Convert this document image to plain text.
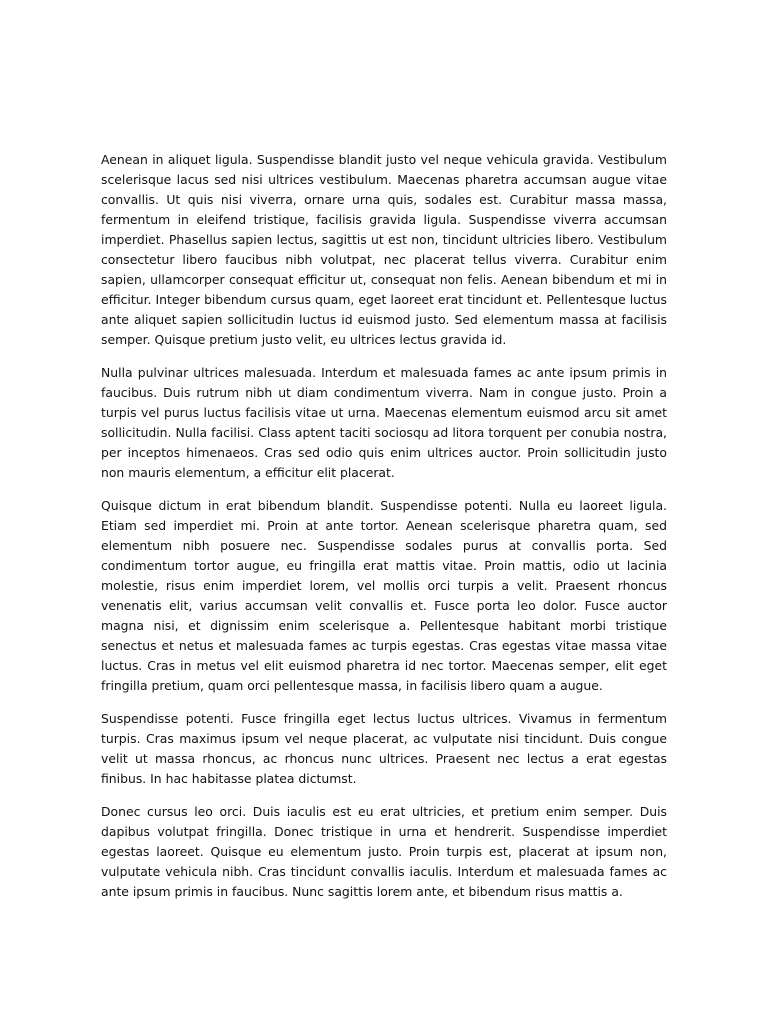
Aenean in aliquet ligula. Suspendisse blandit justo vel neque vehicula gravida. Vestibulum scelerisque lacus sed nisi ultrices vestibulum. Maecenas pharetra accumsan augue vitae convallis. Ut quis nisi viverra, ornare urna quis, sodales est. Curabitur massa massa, fermentum in eleifend tristique, facilisis gravida ligula. Suspendisse viverra accumsan imperdiet. Phasellus sapien lectus, sagittis ut est non, tincidunt ultricies libero. Vestibulum consectetur libero faucibus nibh volutpat, nec placerat tellus viverra. Curabitur enim sapien, ullamcorper consequat efficitur ut, consequat non felis. Aenean bibendum et mi in efficitur. Integer bibendum cursus quam, eget laoreet erat tincidunt et. Pellentesque luctus ante aliquet sapien sollicitudin luctus id euismod justo. Sed elementum massa at facilisis semper. Quisque pretium justo velit, eu ultrices lectus gravida id.

Nulla pulvinar ultrices malesuada. Interdum et malesuada fames ac ante ipsum primis in faucibus. Duis rutrum nibh ut diam condimentum viverra. Nam in congue justo. Proin a turpis vel purus luctus facilisis vitae ut urna. Maecenas elementum euismod arcu sit amet sollicitudin. Nulla facilisi. Class aptent taciti sociosqu ad litora torquent per conubia nostra, per inceptos himenaeos. Cras sed odio quis enim ultrices auctor. Proin sollicitudin justo non mauris elementum, a efficitur elit placerat.

Quisque dictum in erat bibendum blandit. Suspendisse potenti. Nulla eu laoreet ligula. Etiam sed imperdiet mi. Proin at ante tortor. Aenean scelerisque pharetra quam, sed elementum nibh posuere nec. Suspendisse sodales purus at convallis porta. Sed condimentum tortor augue, eu fringilla erat mattis vitae. Proin mattis, odio ut lacinia molestie, risus enim imperdiet lorem, vel mollis orci turpis a velit. Praesent rhoncus venenatis elit, varius accumsan velit convallis et. Fusce porta leo dolor. Fusce auctor magna nisi, et dignissim enim scelerisque a. Pellentesque habitant morbi tristique senectus et netus et malesuada fames ac turpis egestas. Cras egestas vitae massa vitae luctus. Cras in metus vel elit euismod pharetra id nec tortor. Maecenas semper, elit eget fringilla pretium, quam orci pellentesque massa, in facilisis libero quam a augue.

Suspendisse potenti. Fusce fringilla eget lectus luctus ultrices. Vivamus in fermentum turpis. Cras maximus ipsum vel neque placerat, ac vulputate nisi tincidunt. Duis congue velit ut massa rhoncus, ac rhoncus nunc ultrices. Praesent nec lectus a erat egestas finibus. In hac habitasse platea dictumst.

Donec cursus leo orci. Duis iaculis est eu erat ultricies, et pretium enim semper. Duis dapibus volutpat fringilla. Donec tristique in urna et hendrerit. Suspendisse imperdiet egestas laoreet. Quisque eu elementum justo. Proin turpis est, placerat at ipsum non, vulputate vehicula nibh. Cras tincidunt convallis iaculis. Interdum et malesuada fames ac ante ipsum primis in faucibus. Nunc sagittis lorem ante, et bibendum risus mattis a.
